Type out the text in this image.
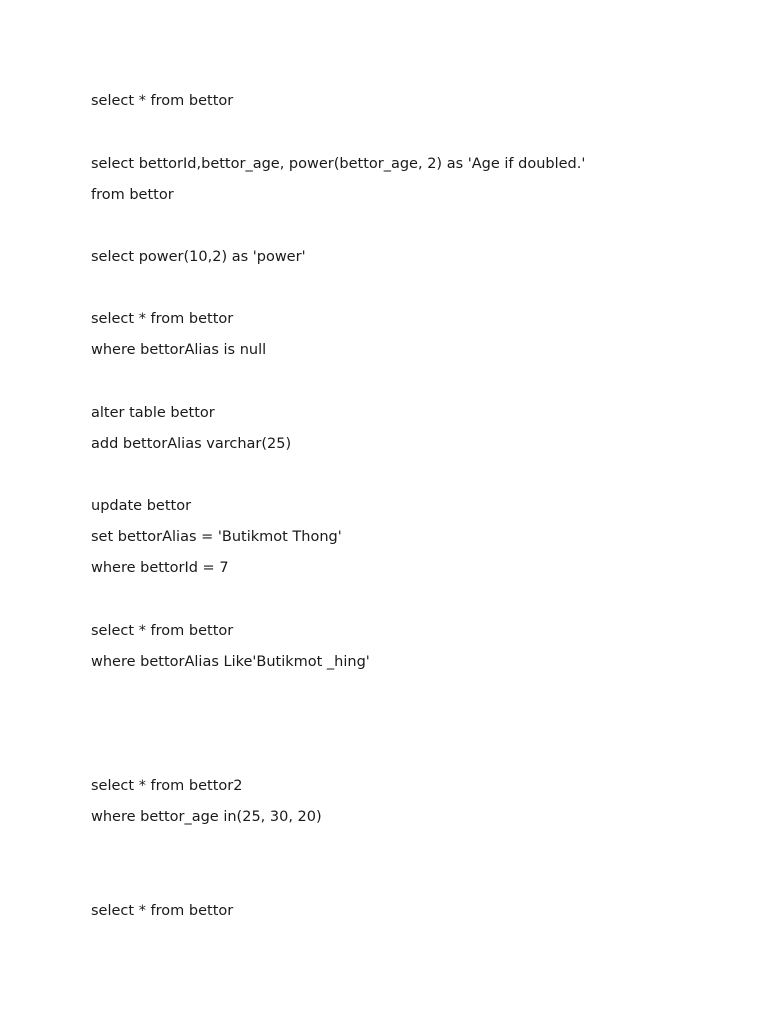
select * from bettor

select bettorId,bettor_age, power(bettor_age, 2) as 'Age if doubled.'

from bettor

select power(10,2) as 'power'

select * from bettor

where bettorAlias is null

alter table bettor

add bettorAlias varchar(25)

update bettor

set bettorAlias = 'Butikmot Thong'

where bettorId = 7

select * from bettor

where bettorAlias Like'Butikmot _hing'

select * from bettor2

where bettor_age in(25, 30, 20)

select * from bettor
